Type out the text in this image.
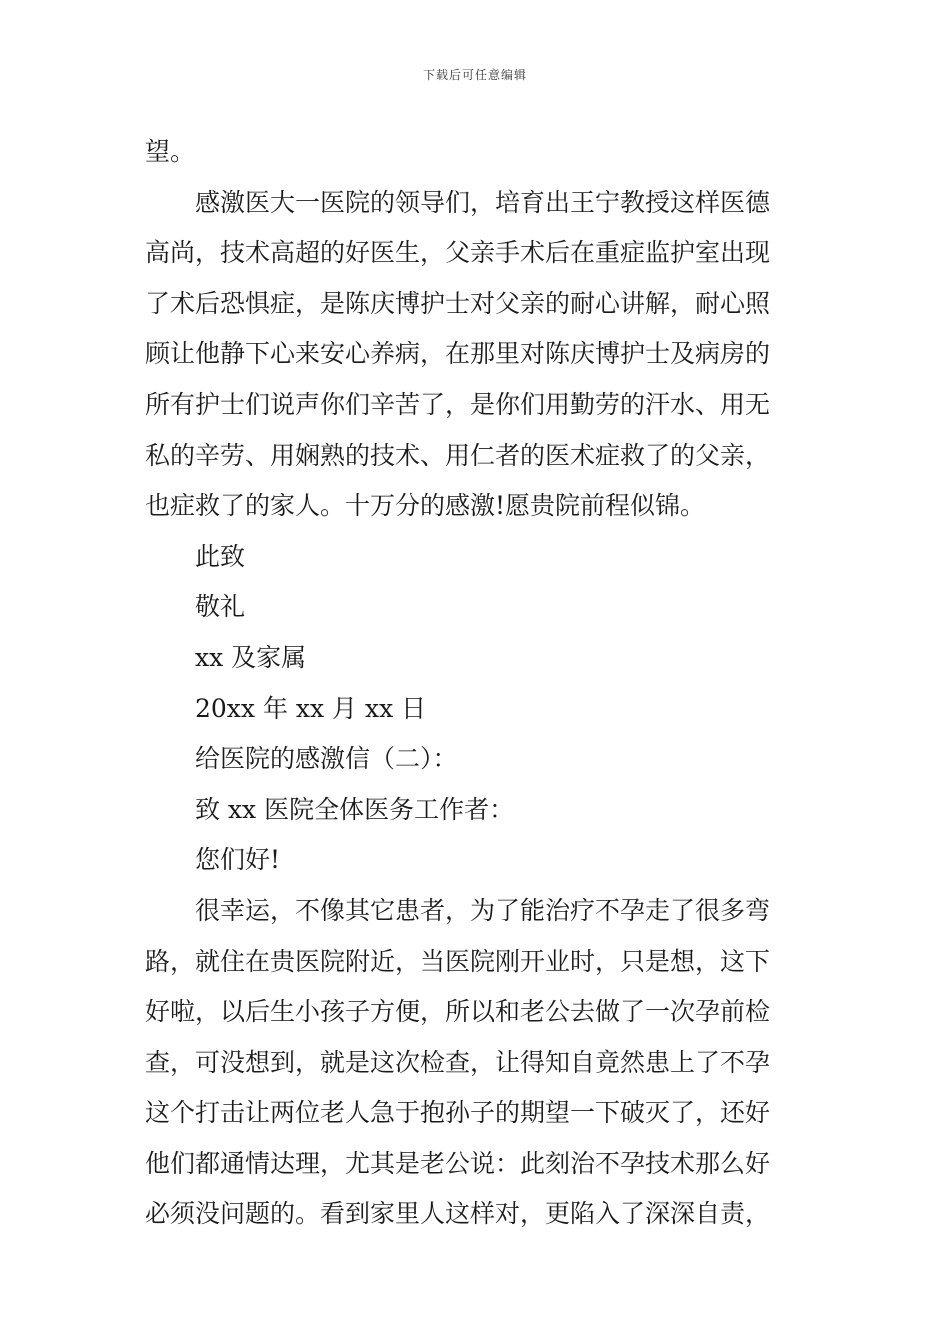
下载后可任意编辑
望。
感激医大一医院的领导们，培育出王宁教授这样医德
高尚，技术高超的好医生，父亲手术后在重症监护室出现
了术后恐惧症，是陈庆博护士对父亲的耐心讲解，耐心照
顾让他静下心来安心养病，在那里对陈庆博护士及病房的
所有护士们说声你们辛苦了，是你们用勤劳的汗水、用无
私的辛劳、用娴熟的技术、用仁者的医术症救了的父亲，
也症救了的家人。十万分的感激!愿贵院前程似锦。
此致
敬礼
xx 及家属
20xx 年 xx 月 xx 日
给医院的感激信（二）：
致 xx 医院全体医务工作者：
您们好!
很幸运，不像其它患者，为了能治疗不孕走了很多弯
路，就住在贵医院附近，当医院刚开业时，只是想，这下
好啦，以后生小孩子方便，所以和老公去做了一次孕前检
查，可没想到，就是这次检查，让得知自竟然患上了不孕
这个打击让两位老人急于抱孙子的期望一下破灭了，还好
他们都通情达理，尤其是老公说：此刻治不孕技术那么好
必须没问题的。看到家里人这样对，更陷入了深深自责，
